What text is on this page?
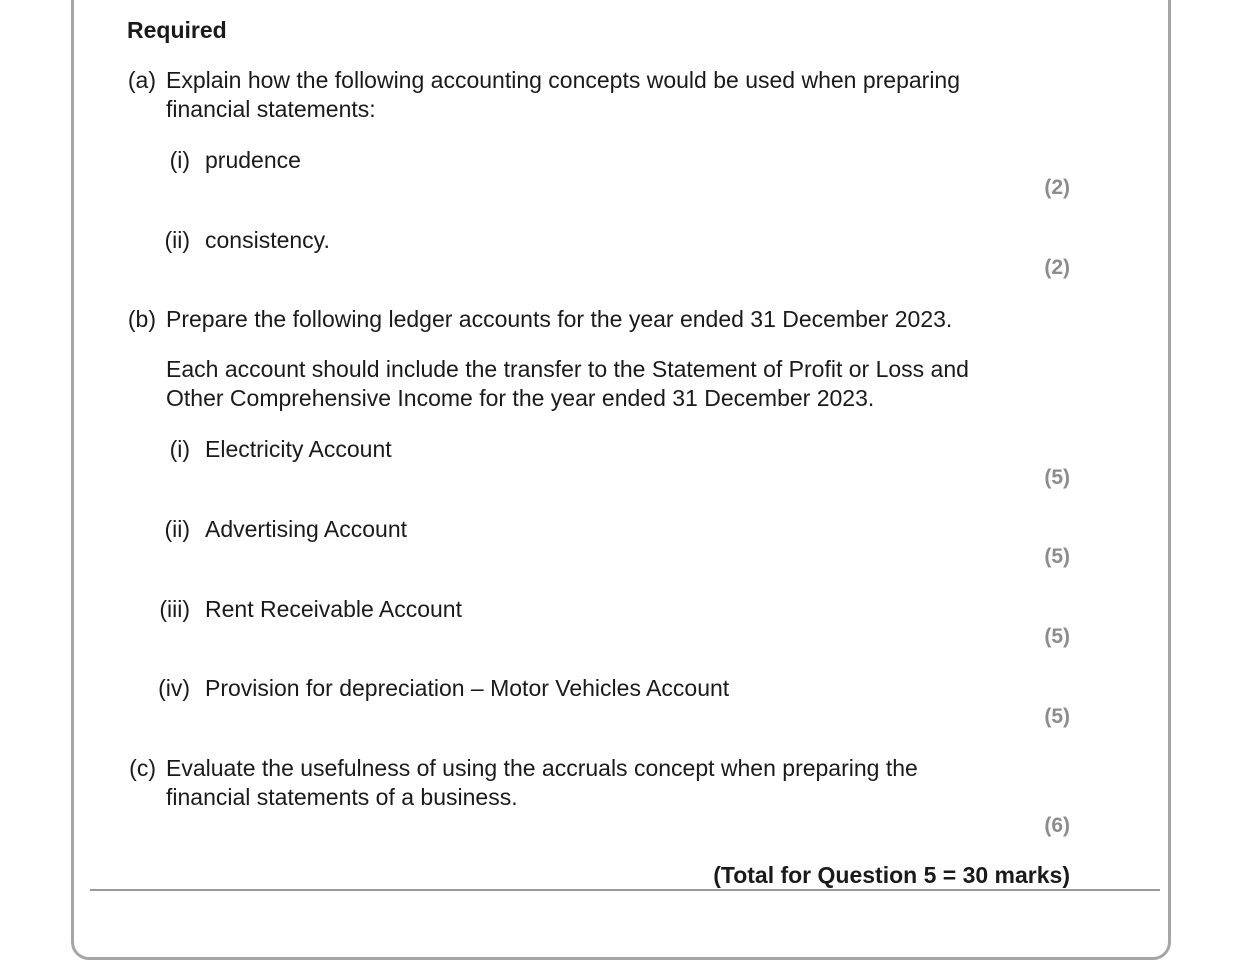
Required
(a) Explain how the following accounting concepts would be used when preparing
financial statements:
(i) prudence
(2)
(ii) consistency.
(2)
(b) Prepare the following ledger accounts for the year ended 31 December 2023.
Each account should include the transfer to the Statement of Profit or Loss and
Other Comprehensive Income for the year ended 31 December 2023.
(i) Electricity Account
(5)
(ii) Advertising Account
(5)
(iii) Rent Receivable Account
(5)
(iv) Provision for depreciation – Motor Vehicles Account
(5)
(c) Evaluate the usefulness of using the accruals concept when preparing the
financial statements of a business.
(6)
(Total for Question 5 = 30 marks)
